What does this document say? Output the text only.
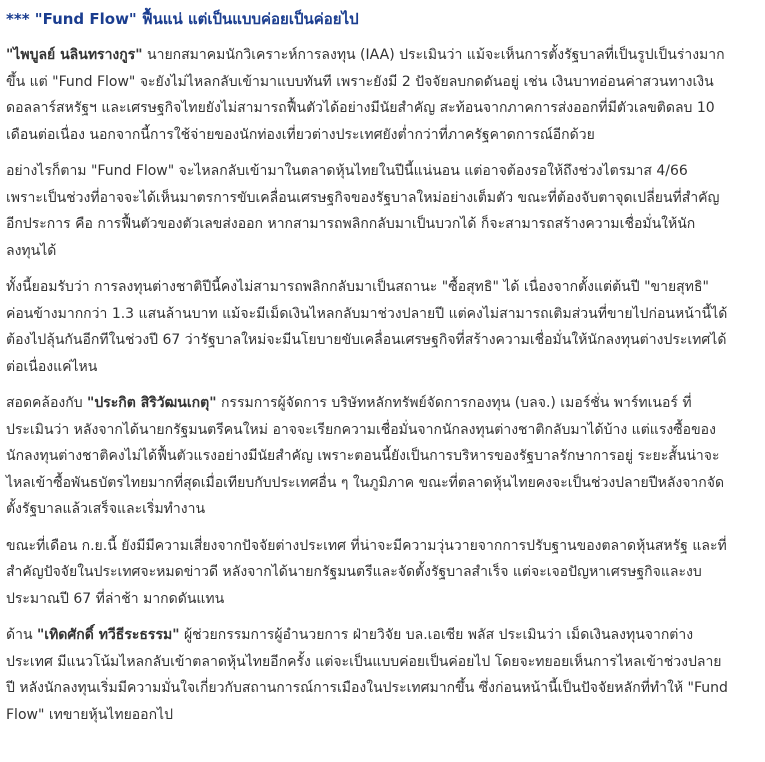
*** "Fund Flow" ฟื้นแน่ แต่เป็นแบบค่อยเป็นค่อยไป

"ไพบูลย์ นลินทรางกูร" นายกสมาคมนักวิเคราะห์การลงทุน (IAA) ประเมินว่า แม้จะเห็นการตั้งรัฐบาลที่เป็นรูปเป็นร่างมากขึ้น แต่ "Fund Flow" จะยังไม่ไหลกลับเข้ามาแบบทันที เพราะยังมี 2 ปัจจัยลบกดดันอยู่ เช่น เงินบาทอ่อนค่าสวนทางเงินดอลลาร์สหรัฐฯ และเศรษฐกิจไทยยังไม่สามารถฟื้นตัวได้อย่างมีนัยสำคัญ สะท้อนจากภาคการส่งออกที่มีตัวเลขติดลบ 10 เดือนต่อเนื่อง นอกจากนี้การใช้จ่ายของนักท่องเที่ยวต่างประเทศยังต่ำกว่าที่ภาครัฐคาดการณ์อีกด้วย

อย่างไรก็ตาม "Fund Flow" จะไหลกลับเข้ามาในตลาดหุ้นไทยในปีนี้แน่นอน แต่อาจต้องรอให้ถึงช่วงไตรมาส 4/66 เพราะเป็นช่วงที่อาจจะได้เห็นมาตรการขับเคลื่อนเศรษฐกิจของรัฐบาลใหม่อย่างเต็มตัว ขณะที่ต้องจับตาจุดเปลี่ยนที่สำคัญอีกประการ คือ การฟื้นตัวของตัวเลขส่งออก หากสามารถพลิกกลับมาเป็นบวกได้ ก็จะสามารถสร้างความเชื่อมั่นให้นักลงทุนได้

ทั้งนี้ยอมรับว่า การลงทุนต่างชาติปีนี้คงไม่สามารถพลิกกลับมาเป็นสถานะ "ซื้อสุทธิ" ได้ เนื่องจากตั้งแต่ต้นปี "ขายสุทธิ" ค่อนข้างมากกว่า 1.3 แสนล้านบาท แม้จะมีเม็ดเงินไหลกลับมาช่วงปลายปี แต่คงไม่สามารถเติมส่วนที่ขายไปก่อนหน้านี้ได้ ต้องไปลุ้นกันอีกทีในช่วงปี 67 ว่ารัฐบาลใหม่จะมีนโยบายขับเคลื่อนเศรษฐกิจที่สร้างความเชื่อมั่นให้นักลงทุนต่างประเทศได้ต่อเนื่องแค่ไหน

สอดคล้องกับ "ประกิต สิริวัฒนเกตุ" กรรมการผู้จัดการ บริษัทหลักทรัพย์จัดการกองทุน (บลจ.) เมอร์ชั่น พาร์ทเนอร์ ที่ประเมินว่า หลังจากได้นายกรัฐมนตรีคนใหม่ อาจจะเรียกความเชื่อมั่นจากนักลงทุนต่างชาติกลับมาได้บ้าง แต่แรงซื้อของนักลงทุนต่างชาติคงไม่ได้ฟื้นตัวแรงอย่างมีนัยสำคัญ เพราะตอนนี้ยังเป็นการบริหารของรัฐบาลรักษาการอยู่ ระยะสั้นน่าจะไหลเข้าซื้อพันธบัตรไทยมากที่สุดเมื่อเทียบกับประเทศอื่น ๆ ในภูมิภาค ขณะที่ตลาดหุ้นไทยคงจะเป็นช่วงปลายปีหลังจากจัดตั้งรัฐบาลแล้วเสร็จและเริ่มทำงาน

ขณะที่เดือน ก.ย.นี้ ยังมีมีความเสี่ยงจากปัจจัยต่างประเทศ ที่น่าจะมีความวุ่นวายจากการปรับฐานของตลาดหุ้นสหรัฐ และที่สำคัญปัจจัยในประเทศจะหมดข่าวดี หลังจากได้นายกรัฐมนตรีและจัดตั้งรัฐบาลสำเร็จ แต่จะเจอปัญหาเศรษฐกิจและงบประมาณปี 67 ที่ล่าช้า มากดดันแทน

ด้าน "เทิดศักดิ์ ทวีธีระธรรม" ผู้ช่วยกรรมการผู้อำนวยการ ฝ่ายวิจัย บล.เอเซีย พลัส ประเมินว่า เม็ดเงินลงทุนจากต่างประเทศ มีแนวโน้มไหลกลับเข้าตลาดหุ้นไทยอีกครั้ง แต่จะเป็นแบบค่อยเป็นค่อยไป โดยจะทยอยเห็นการไหลเข้าช่วงปลายปี หลังนักลงทุนเริ่มมีความมั่นใจเกี่ยวกับสถานการณ์การเมืองในประเทศมากขึ้น ซึ่งก่อนหน้านี้เป็นปัจจัยหลักที่ทำให้ "Fund Flow" เทขายหุ้นไทยออกไป
